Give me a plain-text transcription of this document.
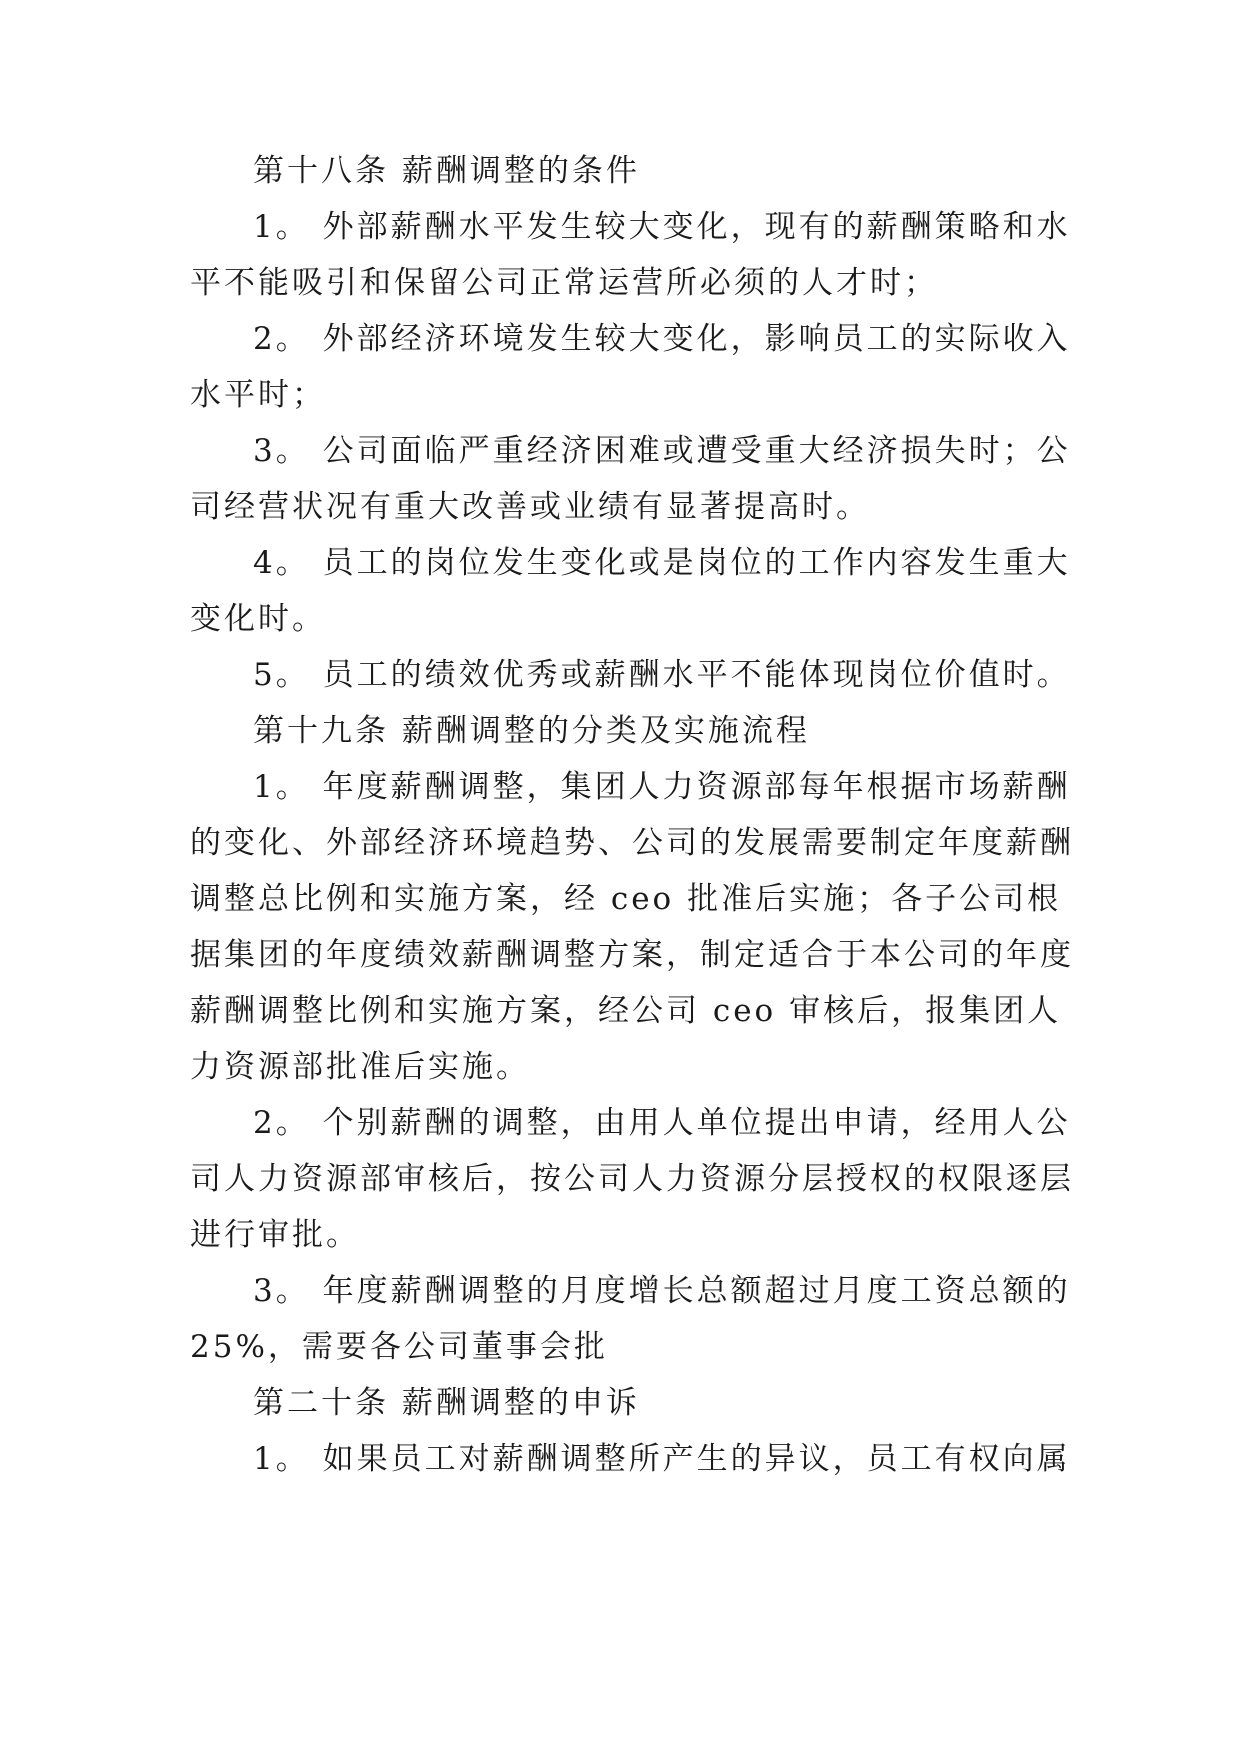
第十八条 薪酬调整的条件
1。 外部薪酬水平发生较大变化，现有的薪酬策略和水
平不能吸引和保留公司正常运营所必须的人才时；
2。 外部经济环境发生较大变化，影响员工的实际收入
水平时；
3。 公司面临严重经济困难或遭受重大经济损失时；公
司经营状况有重大改善或业绩有显著提高时。
4。 员工的岗位发生变化或是岗位的工作内容发生重大
变化时。
5。 员工的绩效优秀或薪酬水平不能体现岗位价值时。
第十九条 薪酬调整的分类及实施流程
1。 年度薪酬调整，集团人力资源部每年根据市场薪酬
的变化、外部经济环境趋势、公司的发展需要制定年度薪酬
调整总比例和实施方案，经 ceo 批准后实施；各子公司根
据集团的年度绩效薪酬调整方案，制定适合于本公司的年度
薪酬调整比例和实施方案，经公司 ceo 审核后，报集团人
力资源部批准后实施。
2。 个别薪酬的调整，由用人单位提出申请，经用人公
司人力资源部审核后，按公司人力资源分层授权的权限逐层
进行审批。
3。 年度薪酬调整的月度增长总额超过月度工资总额的
25%，需要各公司董事会批
第二十条 薪酬调整的申诉
1。 如果员工对薪酬调整所产生的异议，员工有权向属
